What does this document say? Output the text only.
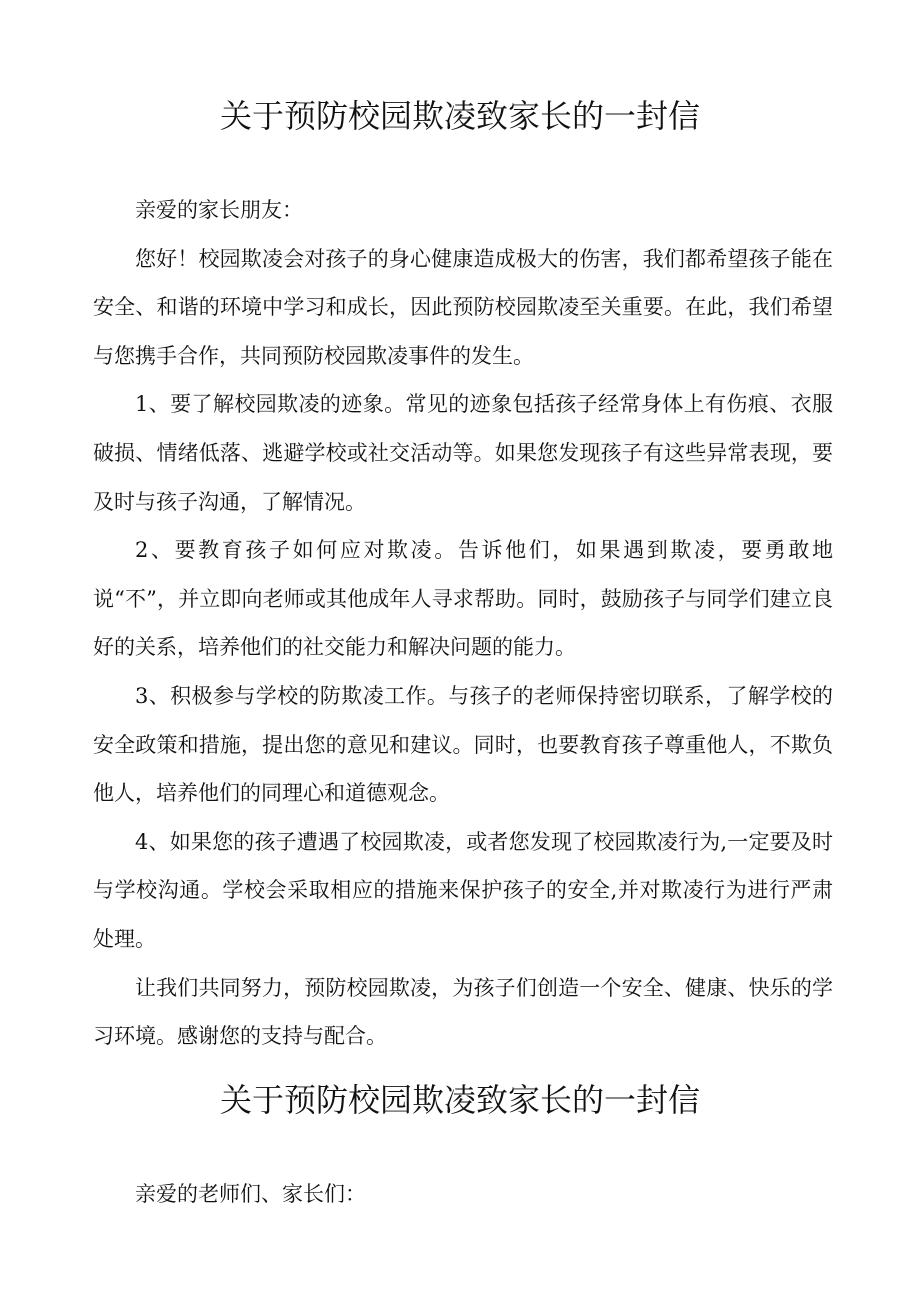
关于预防校园欺凌致家长的一封信

亲爱的家长朋友：

您好！校园欺凌会对孩子的身心健康造成极大的伤害，我们都希望孩子能在安全、和谐的环境中学习和成长，因此预防校园欺凌至关重要。在此，我们希望与您携手合作，共同预防校园欺凌事件的发生。

1、要了解校园欺凌的迹象。常见的迹象包括孩子经常身体上有伤痕、衣服破损、情绪低落、逃避学校或社交活动等。如果您发现孩子有这些异常表现，要及时与孩子沟通，了解情况。

2、要教育孩子如何应对欺凌。告诉他们，如果遇到欺凌，要勇敢地说“不”，并立即向老师或其他成年人寻求帮助。同时，鼓励孩子与同学们建立良好的关系，培养他们的社交能力和解决问题的能力。

3、积极参与学校的防欺凌工作。与孩子的老师保持密切联系，了解学校的安全政策和措施，提出您的意见和建议。同时，也要教育孩子尊重他人，不欺负他人，培养他们的同理心和道德观念。

4、如果您的孩子遭遇了校园欺凌，或者您发现了校园欺凌行为,一定要及时与学校沟通。学校会采取相应的措施来保护孩子的安全,并对欺凌行为进行严肃处理。

让我们共同努力，预防校园欺凌，为孩子们创造一个安全、健康、快乐的学习环境。感谢您的支持与配合。

关于预防校园欺凌致家长的一封信

亲爱的老师们、家长们：
